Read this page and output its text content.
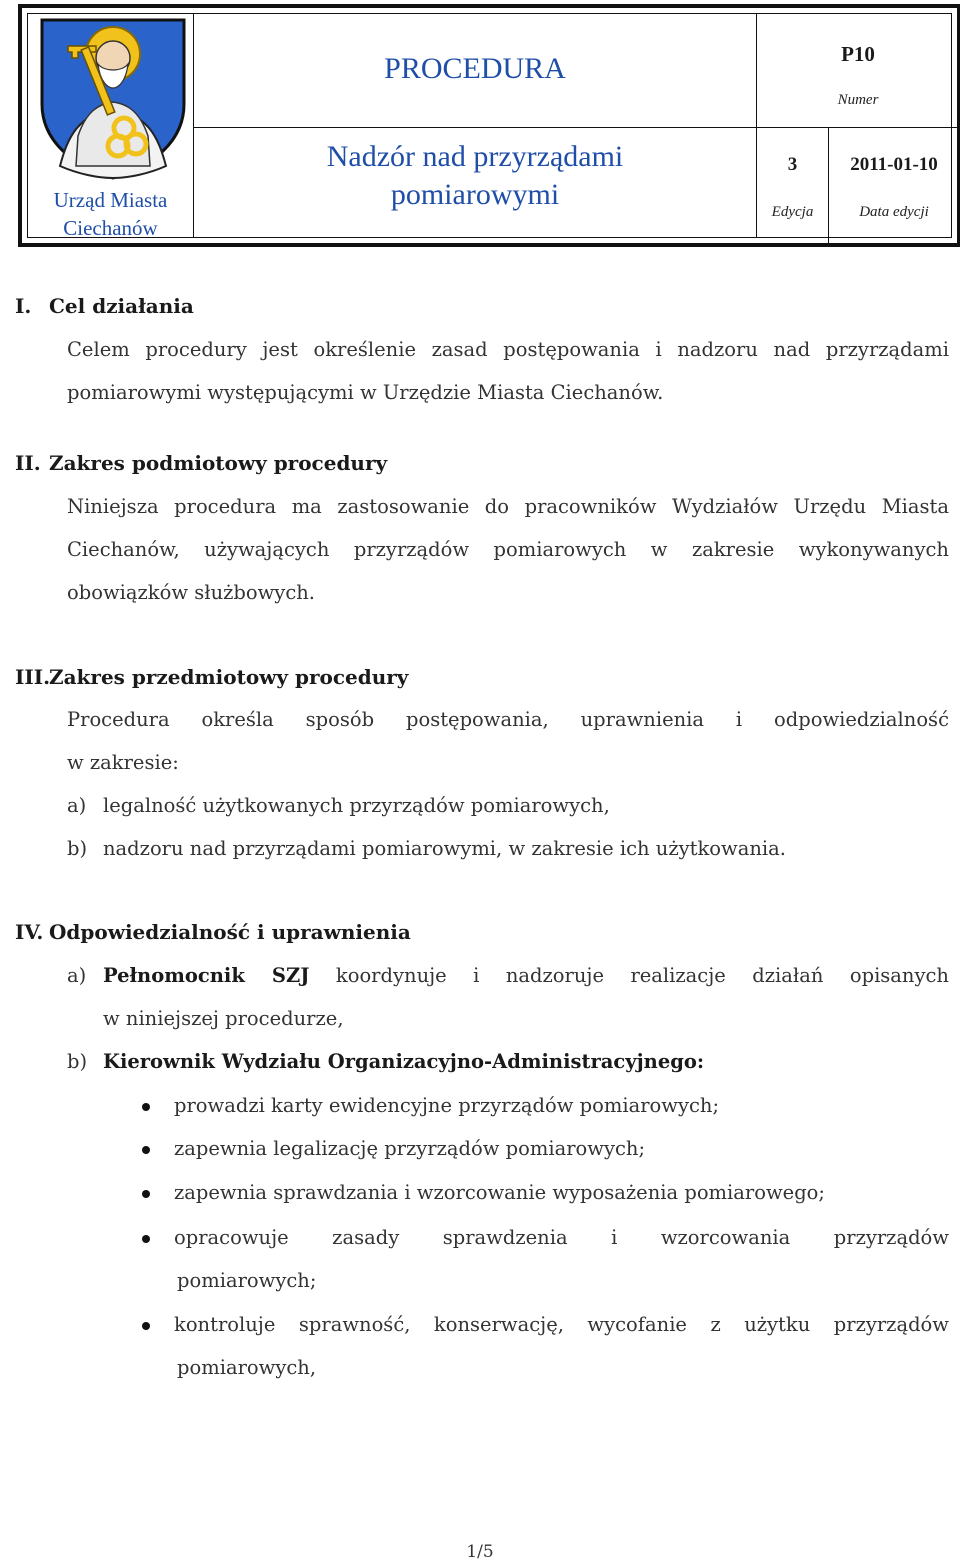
Urząd Miasta
Ciechanów
PROCEDURA
Nadzór nad przyrządami
pomiarowymi
P10
Numer
3
Edycja
2011-01-10
Data edycji
I. Cel działania
Celem procedury jest określenie zasad postępowania i nadzoru nad przyrządami
pomiarowymi występującymi w Urzędzie Miasta Ciechanów.
II. Zakres podmiotowy procedury
Niniejsza procedura ma zastosowanie do pracowników Wydziałów Urzędu Miasta
Ciechanów, używających przyrządów pomiarowych w zakresie wykonywanych
obowiązków służbowych.
III.Zakres przedmiotowy procedury
Procedura określa sposób postępowania, uprawnienia i odpowiedzialność
w zakresie:
a) legalność użytkowanych przyrządów pomiarowych,
b) nadzoru nad przyrządami pomiarowymi, w zakresie ich użytkowania.
IV. Odpowiedzialność i uprawnienia
a) Pełnomocnik SZJ koordynuje i nadzoruje realizacje działań opisanych
w niniejszej procedurze,
b) Kierownik Wydziału Organizacyjno-Administracyjnego:
prowadzi karty ewidencyjne przyrządów pomiarowych;
zapewnia legalizację przyrządów pomiarowych;
zapewnia sprawdzania i wzorcowanie wyposażenia pomiarowego;
opracowuje zasady sprawdzenia i wzorcowania przyrządów
pomiarowych;
kontroluje sprawność, konserwację, wycofanie z użytku przyrządów
pomiarowych,
1/5
